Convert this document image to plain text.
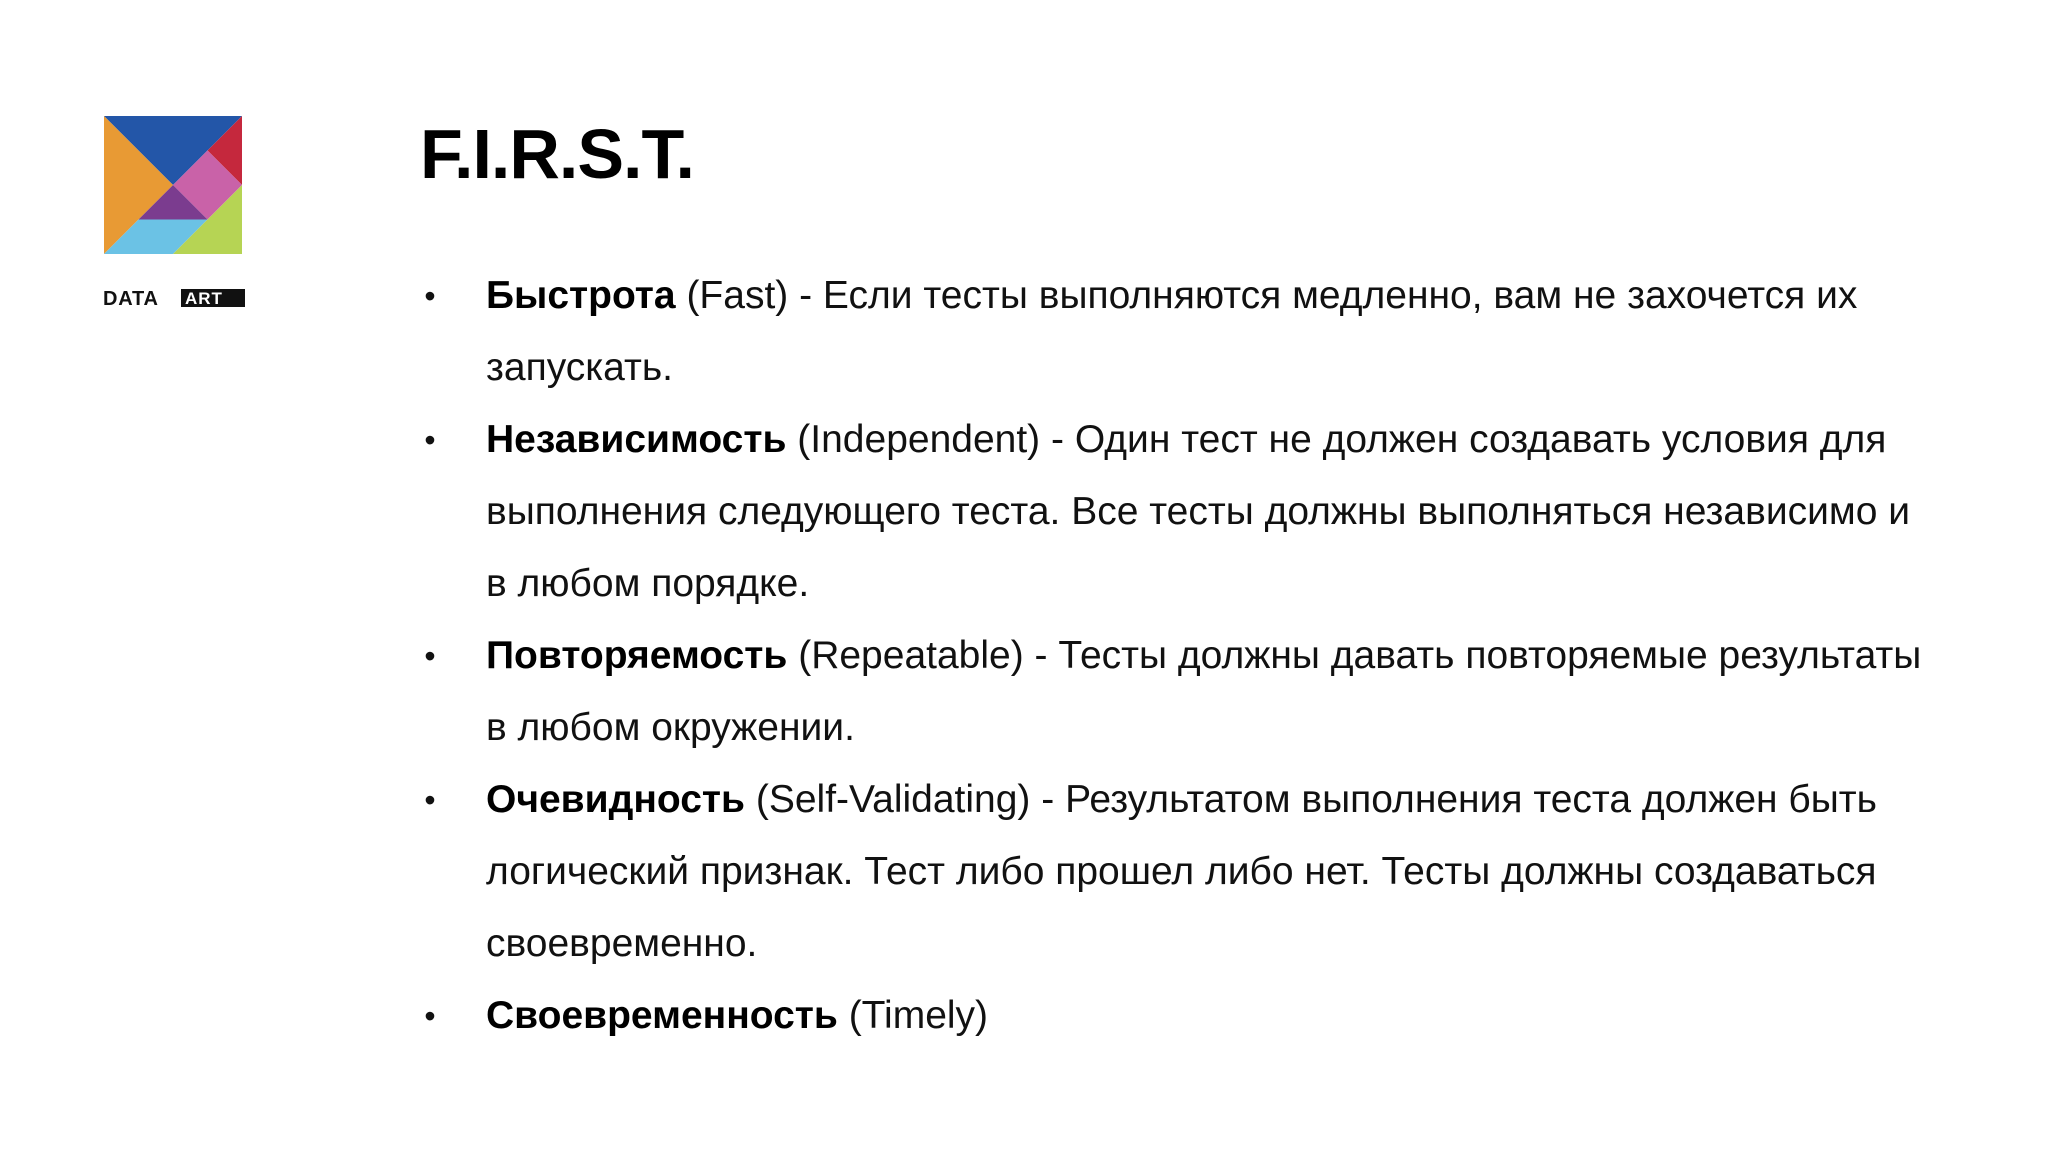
DATA ART
F.I.R.S.T.
• Быстрота (Fast) - Если тесты выполняются медленно, вам не захочется их запускать.
• Независимость (Independent) - Один тест не должен создавать условия для выполнения следующего теста. Все тесты должны выполняться независимо и в любом порядке.
• Повторяемость (Repeatable) - Тесты должны давать повторяемые результаты в любом окружении.
• Очевидность (Self-Validating) - Результатом выполнения теста должен быть логический признак. Тест либо прошел либо нет. Тесты должны создаваться своевременно.
• Своевременность (Timely)
